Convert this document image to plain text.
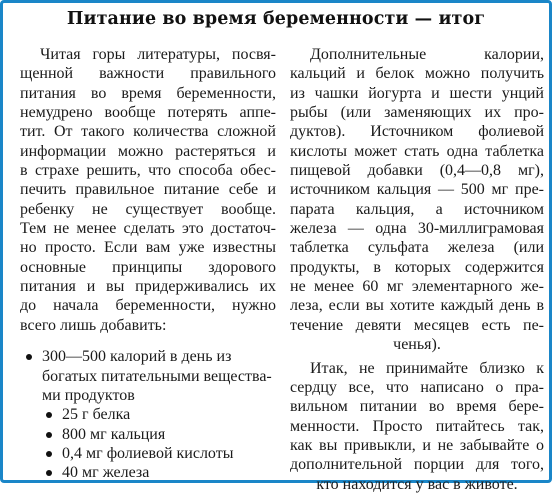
Питание во время беременности — итог
Читая горы литературы, посвя-
щенной важности правильного
питания во время беременности,
немудрено вообще потерять аппе-
тит. От такого количества сложной
информации можно растеряться и
в страхе решить, что способа обес-
печить правильное питание себе и
ребенку не существует вообще.
Тем не менее сделать это достаточ-
но просто. Если вам уже известны
основные принципы здорового
питания и вы придерживались их
до начала беременности, нужно
всего лишь добавить:
300—500 калорий в день из
богатых питательными вещества-
ми продуктов
25 г белка
800 мг кальция
0,4 мг фолиевой кислоты
40 мг железа
Дополнительные калории,
кальций и белок можно получить
из чашки йогурта и шести унций
рыбы (или заменяющих их про-
дуктов). Источником фолиевой
кислоты может стать одна таблетка
пищевой добавки (0,4—0,8 мг),
источником кальция — 500 мг пре-
парата кальция, а источником
железа — одна 30-миллиграмовая
таблетка сульфата железа (или
продукты, в которых содержится
не менее 60 мг элементарного же-
леза, если вы хотите каждый день в
течение девяти месяцев есть пе-
ченья).
Итак, не принимайте близко к
сердцу все, что написано о пра-
вильном питании во время бере-
менности. Просто питайтесь так,
как вы привыкли, и не забывайте о
дополнительной порции для того,
кто находится у вас в животе.
